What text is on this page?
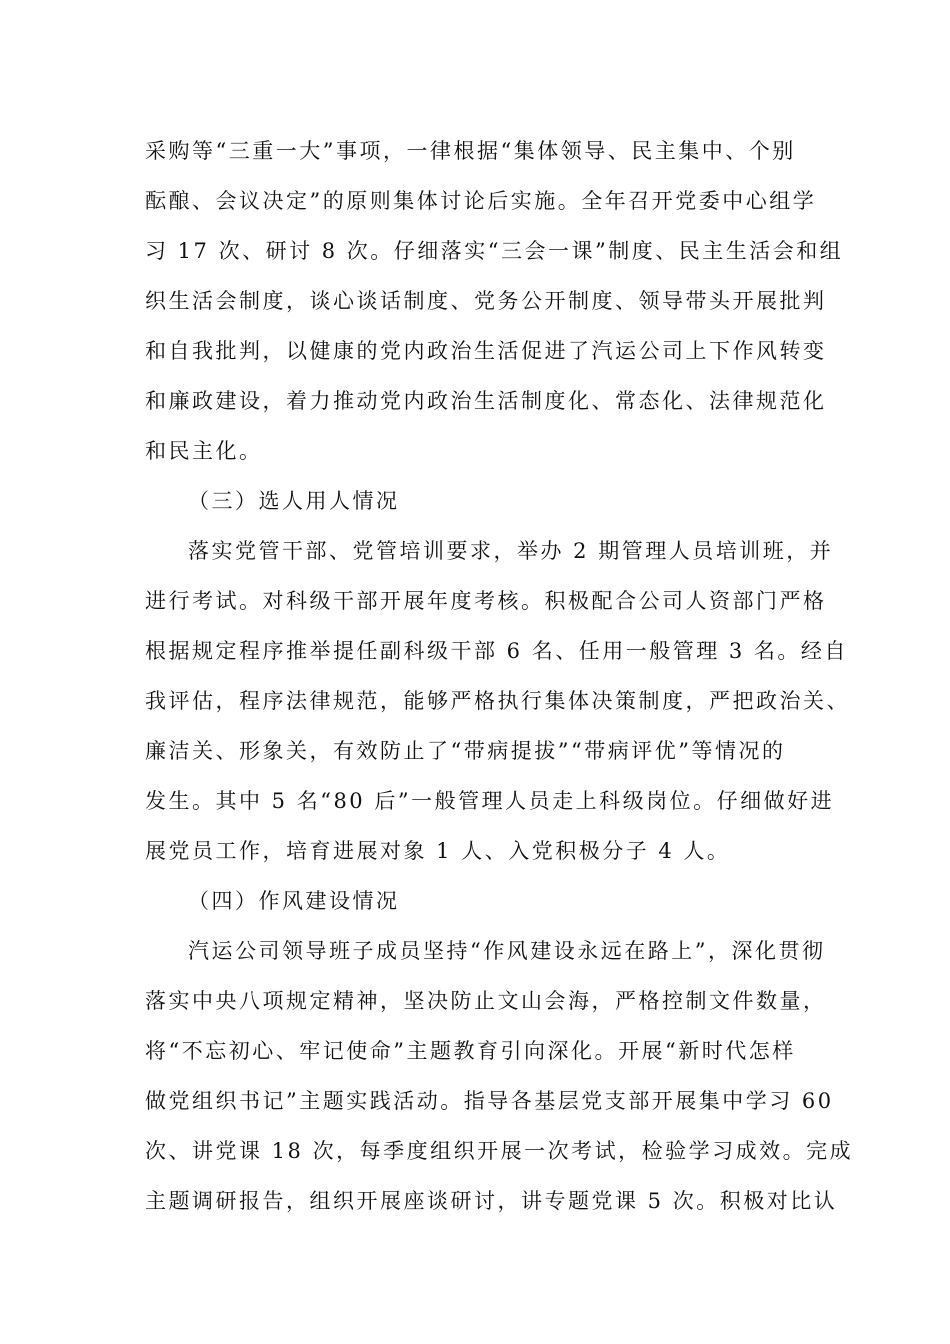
采购等“三重一大”事项，一律根据“集体领导、民主集中、个别
酝酿、会议决定”的原则集体讨论后实施。全年召开党委中心组学
习 17 次、研讨 8 次。仔细落实“三会一课”制度、民主生活会和组
织生活会制度，谈心谈话制度、党务公开制度、领导带头开展批判
和自我批判，以健康的党内政治生活促进了汽运公司上下作风转变
和廉政建设，着力推动党内政治生活制度化、常态化、法律规范化
和民主化。
（三）选人用人情况
落实党管干部、党管培训要求，举办 2 期管理人员培训班，并
进行考试。对科级干部开展年度考核。积极配合公司人资部门严格
根据规定程序推举提任副科级干部 6 名、任用一般管理 3 名。经自
我评估，程序法律规范，能够严格执行集体决策制度，严把政治关、
廉洁关、形象关，有效防止了“带病提拔”“带病评优”等情况的
发生。其中 5 名“80 后”一般管理人员走上科级岗位。仔细做好进
展党员工作，培育进展对象 1 人、入党积极分子 4 人。
（四）作风建设情况
汽运公司领导班子成员坚持“作风建设永远在路上”，深化贯彻
落实中央八项规定精神，坚决防止文山会海，严格控制文件数量，
将“不忘初心、牢记使命”主题教育引向深化。开展“新时代怎样
做党组织书记”主题实践活动。指导各基层党支部开展集中学习 60
次、讲党课 18 次，每季度组织开展一次考试，检验学习成效。完成
主题调研报告，组织开展座谈研讨，讲专题党课 5 次。积极对比认
